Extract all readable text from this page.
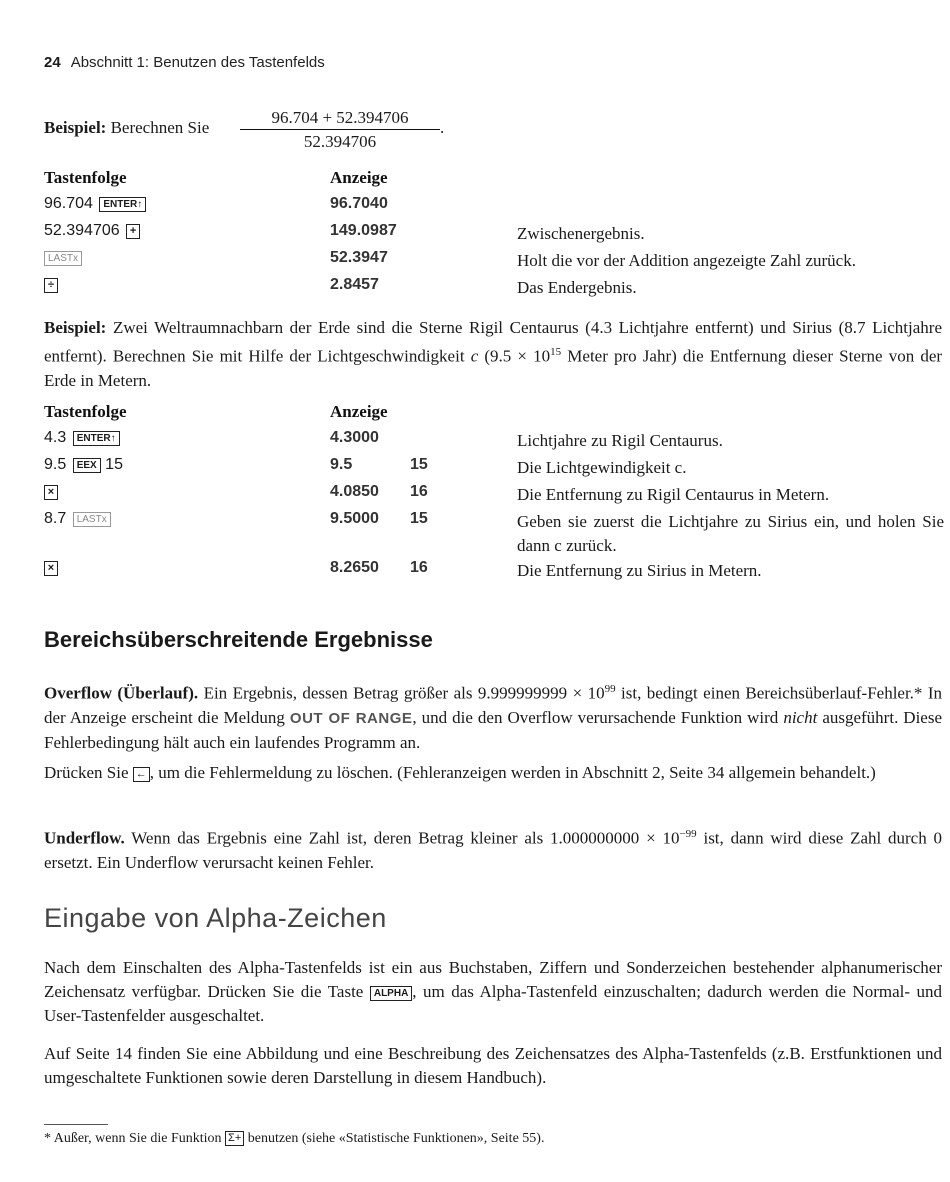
24 Abschnitt 1: Benutzen des Tastenfelds
Beispiel: Berechnen Sie $\frac{96.704 + 52.394706}{52.394706}$ .
Tastenfolge	Anzeige
96.704 ENTER↑	96.7040
52.394706 +	149.0987	Zwischenergebnis.
LASTx	52.3947	Holt die vor der Addition angezeigte Zahl zurück.
÷	2.8457	Das Endergebnis.
Beispiel: Zwei Weltraumnachbarn der Erde sind die Sterne Rigil Centaurus (4.3 Lichtjahre entfernt) und Sirius (8.7 Lichtjahre entfernt). Berechnen Sie mit Hilfe der Lichtgeschwindigkeit c ($9.5 \times 10^{15}$ Meter pro Jahr) die Entfernung dieser Sterne von der Erde in Metern.
Tastenfolge	Anzeige
4.3 ENTER↑	4.3000	Lichtjahre zu Rigil Centaurus.
9.5 EEX 15	9.5	15	Die Lichtgewindigkeit c.
×	4.0850 16	Die Entfernung zu Rigil Centaurus in Metern.
8.7 LASTx	9.5000 15	Geben sie zuerst die Lichtjahre zu Sirius ein, und holen Sie dann c zurück.
×	8.2650 16	Die Entfernung zu Sirius in Metern.
Bereichsüberschreitende Ergebnisse
Overflow (Überlauf). Ein Ergebnis, dessen Betrag größer als $9.999999999 \times 10^{99}$ ist, bedingt einen Bereichsüberlauf-Fehler.* In der Anzeige erscheint die Meldung OUT OF RANGE, und die den Overflow verursachende Funktion wird nicht ausgeführt. Diese Fehlerbedingung hält auch ein laufendes Programm an.
Drücken Sie ← , um die Fehlermeldung zu löschen. (Fehleranzeigen werden in Abschnitt 2, Seite 34 allgemein behandelt.)
Underflow. Wenn das Ergebnis eine Zahl ist, deren Betrag kleiner als $1.000000000 \times 10^{-99}$ ist, dann wird diese Zahl durch 0 ersetzt. Ein Underflow verursacht keinen Fehler.
Eingabe von Alpha-Zeichen
Nach dem Einschalten des Alpha-Tastenfelds ist ein aus Buchstaben, Ziffern und Sonderzeichen bestehender alphanumerischer Zeichensatz verfügbar. Drücken Sie die Taste ALPHA , um das Alpha-Tastenfeld einzuschalten; dadurch werden die Normal- und User-Tastenfelder ausgeschaltet.
Auf Seite 14 finden Sie eine Abbildung und eine Beschreibung des Zeichensatzes des Alpha-Tastenfelds (z.B. Erstfunktionen und umgeschaltete Funktionen sowie deren Darstellung in diesem Handbuch).
* Außer, wenn Sie die Funktion Σ+ benutzen (siehe «Statistische Funktionen», Seite 55).
